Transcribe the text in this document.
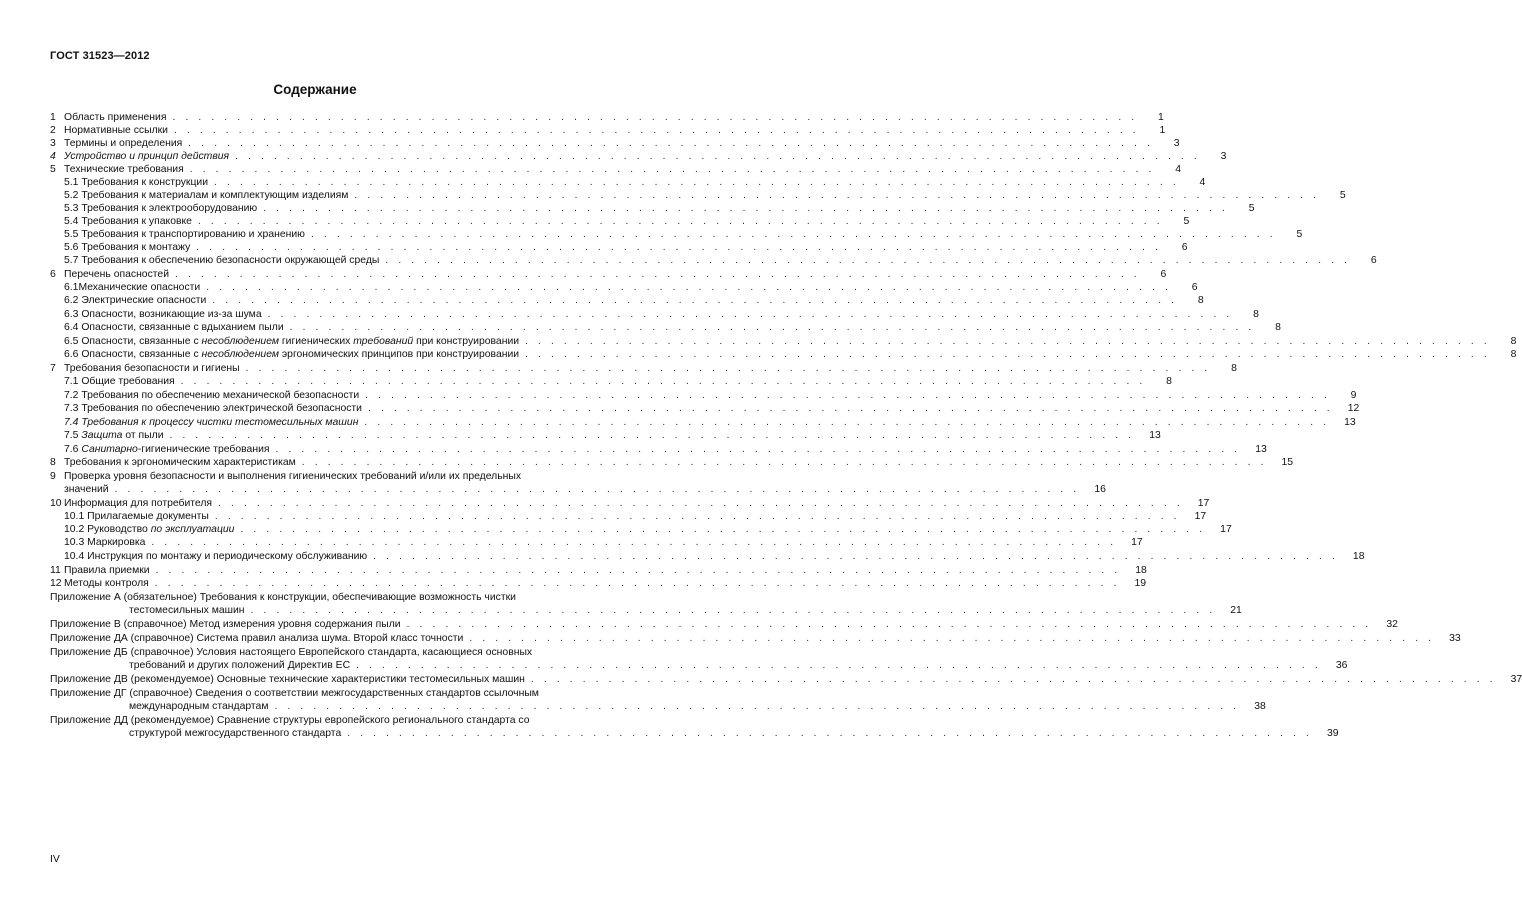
ГОСТ 31523—2012
Содержание
1 Область применения . . . . . . . . . . . . . . . . . . . . . . . . . . . . . . . . . . . . . . . . . . . . . . . . . . . . . . . . . . . . . . . . . . . . . . . . . . .	1
2 Нормативные ссылки . . . . . . . . . . . . . . . . . . . . . . . . . . . . . . . . . . . . . . . . . . . . . . . . . . . . . . . . . . . . . . . . . . . . . . . . . . .	1
3 Термины и определения . . . . . . . . . . . . . . . . . . . . . . . . . . . . . . . . . . . . . . . . . . . . . . . . . . . . . . . . . . . . . . . . . . . . . . . . . . .	3
4 Устройство и принцип действия . . . . . . . . . . . . . . . . . . . . . . . . . . . . . . . . . . . . . . . . . . . . . . . . . . . . . . . . . . . . . . . . . . . . . . . . . . .	3
5 Технические требования . . . . . . . . . . . . . . . . . . . . . . . . . . . . . . . . . . . . . . . . . . . . . . . . . . . . . . . . . . . . . . . . . . . . . . . . . . .	4
5.1 Требования к конструкции . . . . . . . . . . . . . . . . . . . . . . . . . . . . . . . . . . . . . . . . . . . . . . . . . . . . . . . . . . . . . . . . . . . . . . . . . . .	4
5.2 Требования к материалам и комплектующим изделиям . . . . . . . . . . . . . . . . . . . . . . . . . . . . . . . . . . . . . . . . . . . . . . . . . . . . . . . . . . . . . . . . . . . . . . . . . . .	5
5.3 Требования к электрооборудованию . . . . . . . . . . . . . . . . . . . . . . . . . . . . . . . . . . . . . . . . . . . . . . . . . . . . . . . . . . . . . . . . . . . . . . . . . . .	5
5.4 Требования к упаковке . . . . . . . . . . . . . . . . . . . . . . . . . . . . . . . . . . . . . . . . . . . . . . . . . . . . . . . . . . . . . . . . . . . . . . . . . . .	5
5.5 Требования к транспортированию и хранению . . . . . . . . . . . . . . . . . . . . . . . . . . . . . . . . . . . . . . . . . . . . . . . . . . . . . . . . . . . . . . . . . . . . . . . . . . .	5
5.6 Требования к монтажу . . . . . . . . . . . . . . . . . . . . . . . . . . . . . . . . . . . . . . . . . . . . . . . . . . . . . . . . . . . . . . . . . . . . . . . . . . .	6
5.7 Требования к обеспечению безопасности окружающей среды . . . . . . . . . . . . . . . . . . . . . . . . . . . . . . . . . . . . . . . . . . . . . . . . . . . . . . . . . . . . . . . . . . . . . . . . . . .	6
6 Перечень опасностей . . . . . . . . . . . . . . . . . . . . . . . . . . . . . . . . . . . . . . . . . . . . . . . . . . . . . . . . . . . . . . . . . . . . . . . . . . .	6
6.1Механические опасности . . . . . . . . . . . . . . . . . . . . . . . . . . . . . . . . . . . . . . . . . . . . . . . . . . . . . . . . . . . . . . . . . . . . . . . . . . .	6
6.2 Электрические опасности . . . . . . . . . . . . . . . . . . . . . . . . . . . . . . . . . . . . . . . . . . . . . . . . . . . . . . . . . . . . . . . . . . . . . . . . . . .	8
6.3 Опасности, возникающие из-за шума . . . . . . . . . . . . . . . . . . . . . . . . . . . . . . . . . . . . . . . . . . . . . . . . . . . . . . . . . . . . . . . . . . . . . . . . . . .	8
6.4 Опасности, связанные с вдыханием пыли . . . . . . . . . . . . . . . . . . . . . . . . . . . . . . . . . . . . . . . . . . . . . . . . . . . . . . . . . . . . . . . . . . . . . . . . . . .	8
6.5 Опасности, связанные с несоблюдением гигиенических требований при конструировании . . . . . . . . . . . . . . . . . . . . . . . . . . . . . . . . . . . . . . . . . . . . . . . . . . . . . . . . . . . . . . . . . . . . . . . . . . .	8
6.6 Опасности, связанные с несоблюдением эргономических принципов при конструировании . . . . . . . . . . . . . . . . . . . . . . . . . . . . . . . . . . . . . . . . . . . . . . . . . . . . . . . . . . . . . . . . . . . . . . . . . . .	8
7 Требования безопасности и гигиены . . . . . . . . . . . . . . . . . . . . . . . . . . . . . . . . . . . . . . . . . . . . . . . . . . . . . . . . . . . . . . . . . . . . . . . . . . .	8
7.1 Общие требования . . . . . . . . . . . . . . . . . . . . . . . . . . . . . . . . . . . . . . . . . . . . . . . . . . . . . . . . . . . . . . . . . . . . . . . . . . .	8
7.2 Требования по обеспечению механической безопасности . . . . . . . . . . . . . . . . . . . . . . . . . . . . . . . . . . . . . . . . . . . . . . . . . . . . . . . . . . . . . . . . . . . . . . . . . . .	9
7.3 Требования по обеспечению электрической безопасности . . . . . . . . . . . . . . . . . . . . . . . . . . . . . . . . . . . . . . . . . . . . . . . . . . . . . . . . . . . . . . . . . . . . . . . . . . .	12
7.4 Требования к процессу чистки тестомесильных машин . . . . . . . . . . . . . . . . . . . . . . . . . . . . . . . . . . . . . . . . . . . . . . . . . . . . . . . . . . . . . . . . . . . . . . . . . . .	13
7.5 Защита от пыли . . . . . . . . . . . . . . . . . . . . . . . . . . . . . . . . . . . . . . . . . . . . . . . . . . . . . . . . . . . . . . . . . . . . . . . . . . .	13
7.6 Санитарно-гигиенические требования . . . . . . . . . . . . . . . . . . . . . . . . . . . . . . . . . . . . . . . . . . . . . . . . . . . . . . . . . . . . . . . . . . . . . . . . . . .	13
8 Требования к эргономическим характеристикам . . . . . . . . . . . . . . . . . . . . . . . . . . . . . . . . . . . . . . . . . . . . . . . . . . . . . . . . . . . . . . . . . . . . . . . . . . .	15
9 Проверка уровня безопасности и выполнения гигиенических требований и/или их предельных
значений . . . . . . . . . . . . . . . . . . . . . . . . . . . . . . . . . . . . . . . . . . . . . . . . . . . . . . . . . . . . . . . . . . . . . . . . . . .	16
10 Информация для потребителя . . . . . . . . . . . . . . . . . . . . . . . . . . . . . . . . . . . . . . . . . . . . . . . . . . . . . . . . . . . . . . . . . . . . . . . . . . .	17
10.1 Прилагаемые документы . . . . . . . . . . . . . . . . . . . . . . . . . . . . . . . . . . . . . . . . . . . . . . . . . . . . . . . . . . . . . . . . . . . . . . . . . . .	17
10.2 Руководство по эксплуатации . . . . . . . . . . . . . . . . . . . . . . . . . . . . . . . . . . . . . . . . . . . . . . . . . . . . . . . . . . . . . . . . . . . . . . . . . . .	17
10.3 Маркировка . . . . . . . . . . . . . . . . . . . . . . . . . . . . . . . . . . . . . . . . . . . . . . . . . . . . . . . . . . . . . . . . . . . . . . . . . . .	17
10.4 Инструкция по монтажу и периодическому обслуживанию . . . . . . . . . . . . . . . . . . . . . . . . . . . . . . . . . . . . . . . . . . . . . . . . . . . . . . . . . . . . . . . . . . . . . . . . . . .	18
11 Правила приемки . . . . . . . . . . . . . . . . . . . . . . . . . . . . . . . . . . . . . . . . . . . . . . . . . . . . . . . . . . . . . . . . . . . . . . . . . . .	18
12 Методы контроля . . . . . . . . . . . . . . . . . . . . . . . . . . . . . . . . . . . . . . . . . . . . . . . . . . . . . . . . . . . . . . . . . . . . . . . . . . .	19
Приложение А (обязательное) Требования к конструкции, обеспечивающие возможность чистки
тестомесильных машин . . . . . . . . . . . . . . . . . . . . . . . . . . . . . . . . . . . . . . . . . . . . . . . . . . . . . . . . . . . . . . . . . . . . . . . . . . .	21
Приложение В (справочное) Метод измерения уровня содержания пыли . . . . . . . . . . . . . . . . . . . . . . . . . . . . . . . . . . . . . . . . . . . . . . . . . . . . . . . . . . . . . . . . . . . . . . . . . . .	32
Приложение ДА (справочное) Система правил анализа шума. Второй класс точности . . . . . . . . . . . . . . . . . . . . . . . . . . . . . . . . . . . . . . . . . . . . . . . . . . . . . . . . . . . . . . . . . . . . . . . . . . .	33
Приложение ДБ (справочное) Условия настоящего Европейского стандарта, касающиеся основных
требований и других положений Директив ЕС . . . . . . . . . . . . . . . . . . . . . . . . . . . . . . . . . . . . . . . . . . . . . . . . . . . . . . . . . . . . . . . . . . . . . . . . . . .	36
Приложение ДВ (рекомендуемое) Основные технические характеристики тестомесильных машин . . . . . . . . . . . . . . . . . . . . . . . . . . . . . . . . . . . . . . . . . . . . . . . . . . . . . . . . . . . . . . . . . . . . . . . . . . .	37
Приложение ДГ (справочное) Сведения о соответствии межгосударственных стандартов ссылочным
международным стандартам . . . . . . . . . . . . . . . . . . . . . . . . . . . . . . . . . . . . . . . . . . . . . . . . . . . . . . . . . . . . . . . . . . . . . . . . . . .	38
Приложение ДД (рекомендуемое) Сравнение структуры европейского регионального стандарта со
структурой межгосударственного стандарта . . . . . . . . . . . . . . . . . . . . . . . . . . . . . . . . . . . . . . . . . . . . . . . . . . . . . . . . . . . . . . . . . . . . . . . . . . .	39
IV
